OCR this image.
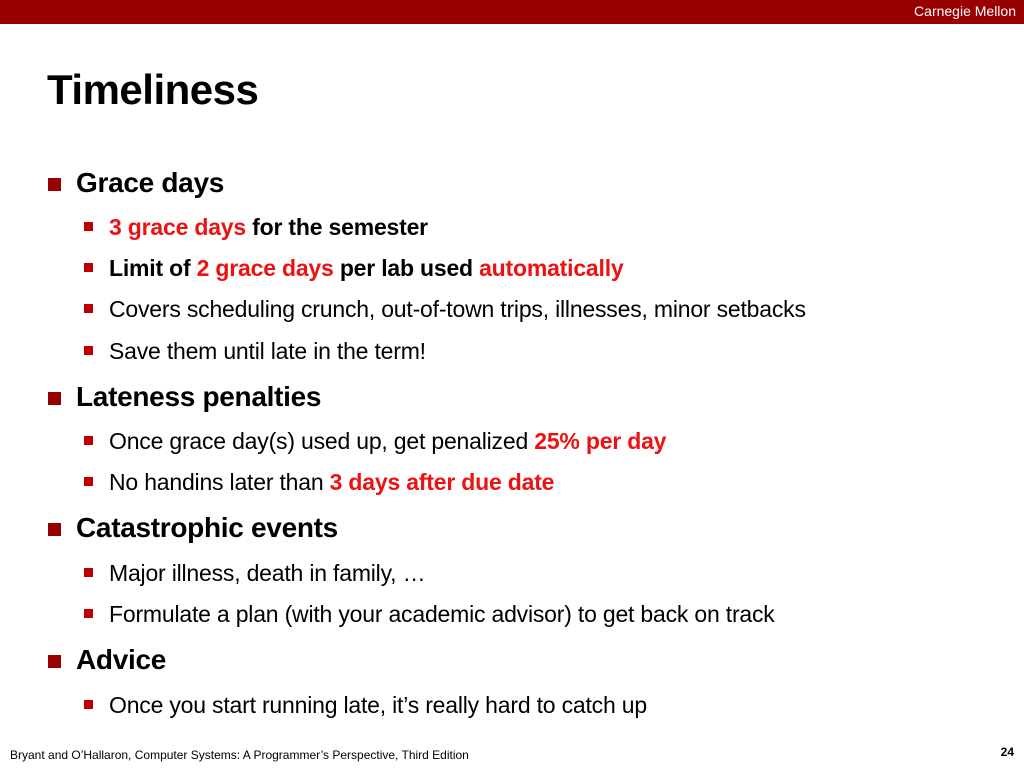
Carnegie Mellon
Timeliness
Grace days
3 grace days for the semester
Limit of 2 grace days per lab used automatically
Covers scheduling crunch, out-of-town trips, illnesses, minor setbacks
Save them until late in the term!
Lateness penalties
Once grace day(s) used up, get penalized 25% per day
No handins later than 3 days after due date
Catastrophic events
Major illness, death in family, …
Formulate a plan (with your academic advisor) to get back on track
Advice
Once you start running late, it’s really hard to catch up
Bryant and O’Hallaron, Computer Systems: A Programmer’s Perspective, Third Edition	24
